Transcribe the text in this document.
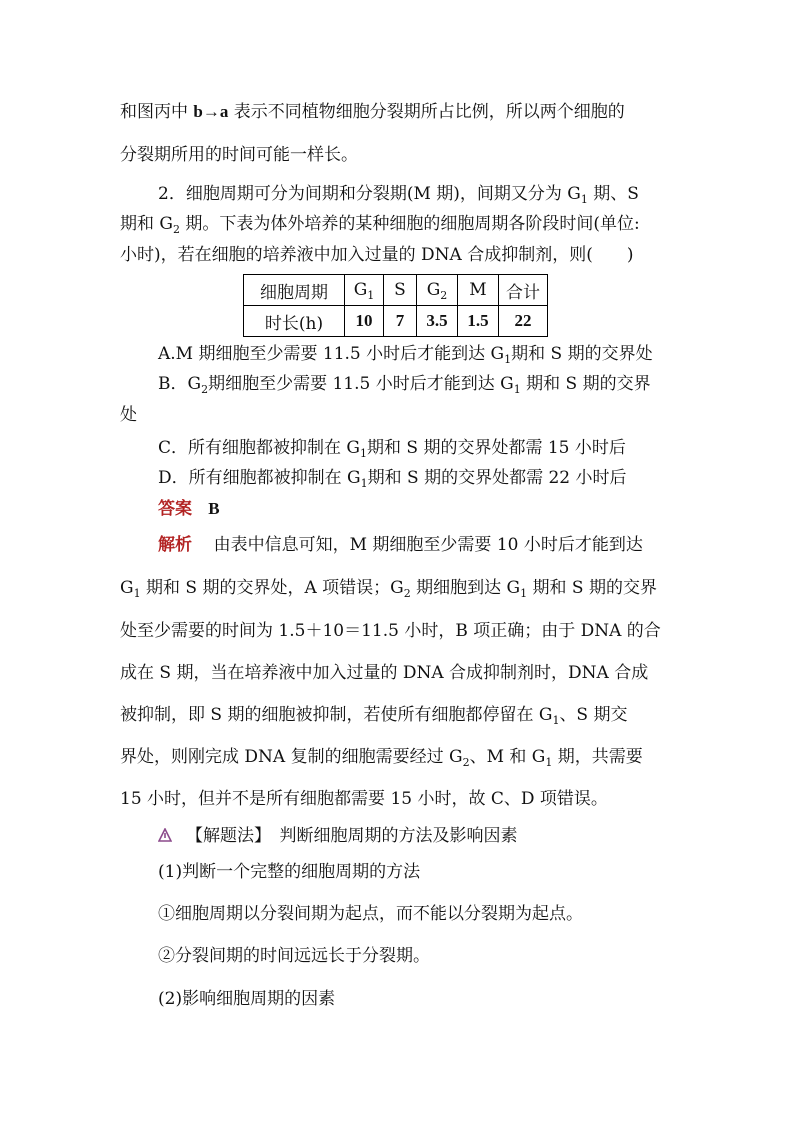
和图丙中 b→a 表示不同植物细胞分裂期所占比例，所以两个细胞的
分裂期所用的时间可能一样长。
2．细胞周期可分为间期和分裂期(M 期)，间期又分为 $G_1$ 期、S
期和 $G_2$ 期。下表为体外培养的某种细胞的细胞周期各阶段时间(单位:
小时)，若在细胞的培养液中加入过量的 DNA 合成抑制剂，则(　　)
细胞周期	$G_1$	S	$G_2$	M	合计
时长(h)	10	7	3.5	1.5	22
A.M 期细胞至少需要 11.5 小时后才能到达 $G_1$期和 S 期的交界处
B．$G_2$期细胞至少需要 11.5 小时后才能到达 $G_1$ 期和 S 期的交界
处
C．所有细胞都被抑制在 $G_1$期和 S 期的交界处都需 15 小时后
D．所有细胞都被抑制在 $G_1$期和 S 期的交界处都需 22 小时后
答案 B
解析 由表中信息可知，M 期细胞至少需要 10 小时后才能到达
$G_1$ 期和 S 期的交界处，A 项错误；$G_2$ 期细胞到达 $G_1$ 期和 S 期的交界
处至少需要的时间为 1.5＋10＝11.5 小时，B 项正确；由于 DNA 的合
成在 S 期，当在培养液中加入过量的 DNA 合成抑制剂时，DNA 合成
被抑制，即 S 期的细胞被抑制，若使所有细胞都停留在 $G_1$、S 期交
界处，则刚完成 DNA 复制的细胞需要经过 $G_2$、M 和 $G_1$ 期，共需要
15 小时，但并不是所有细胞都需要 15 小时，故 C、D 项错误。
【解题法】　判断细胞周期的方法及影响因素
(1)判断一个完整的细胞周期的方法
①细胞周期以分裂间期为起点，而不能以分裂期为起点。
②分裂间期的时间远远长于分裂期。
(2)影响细胞周期的因素
